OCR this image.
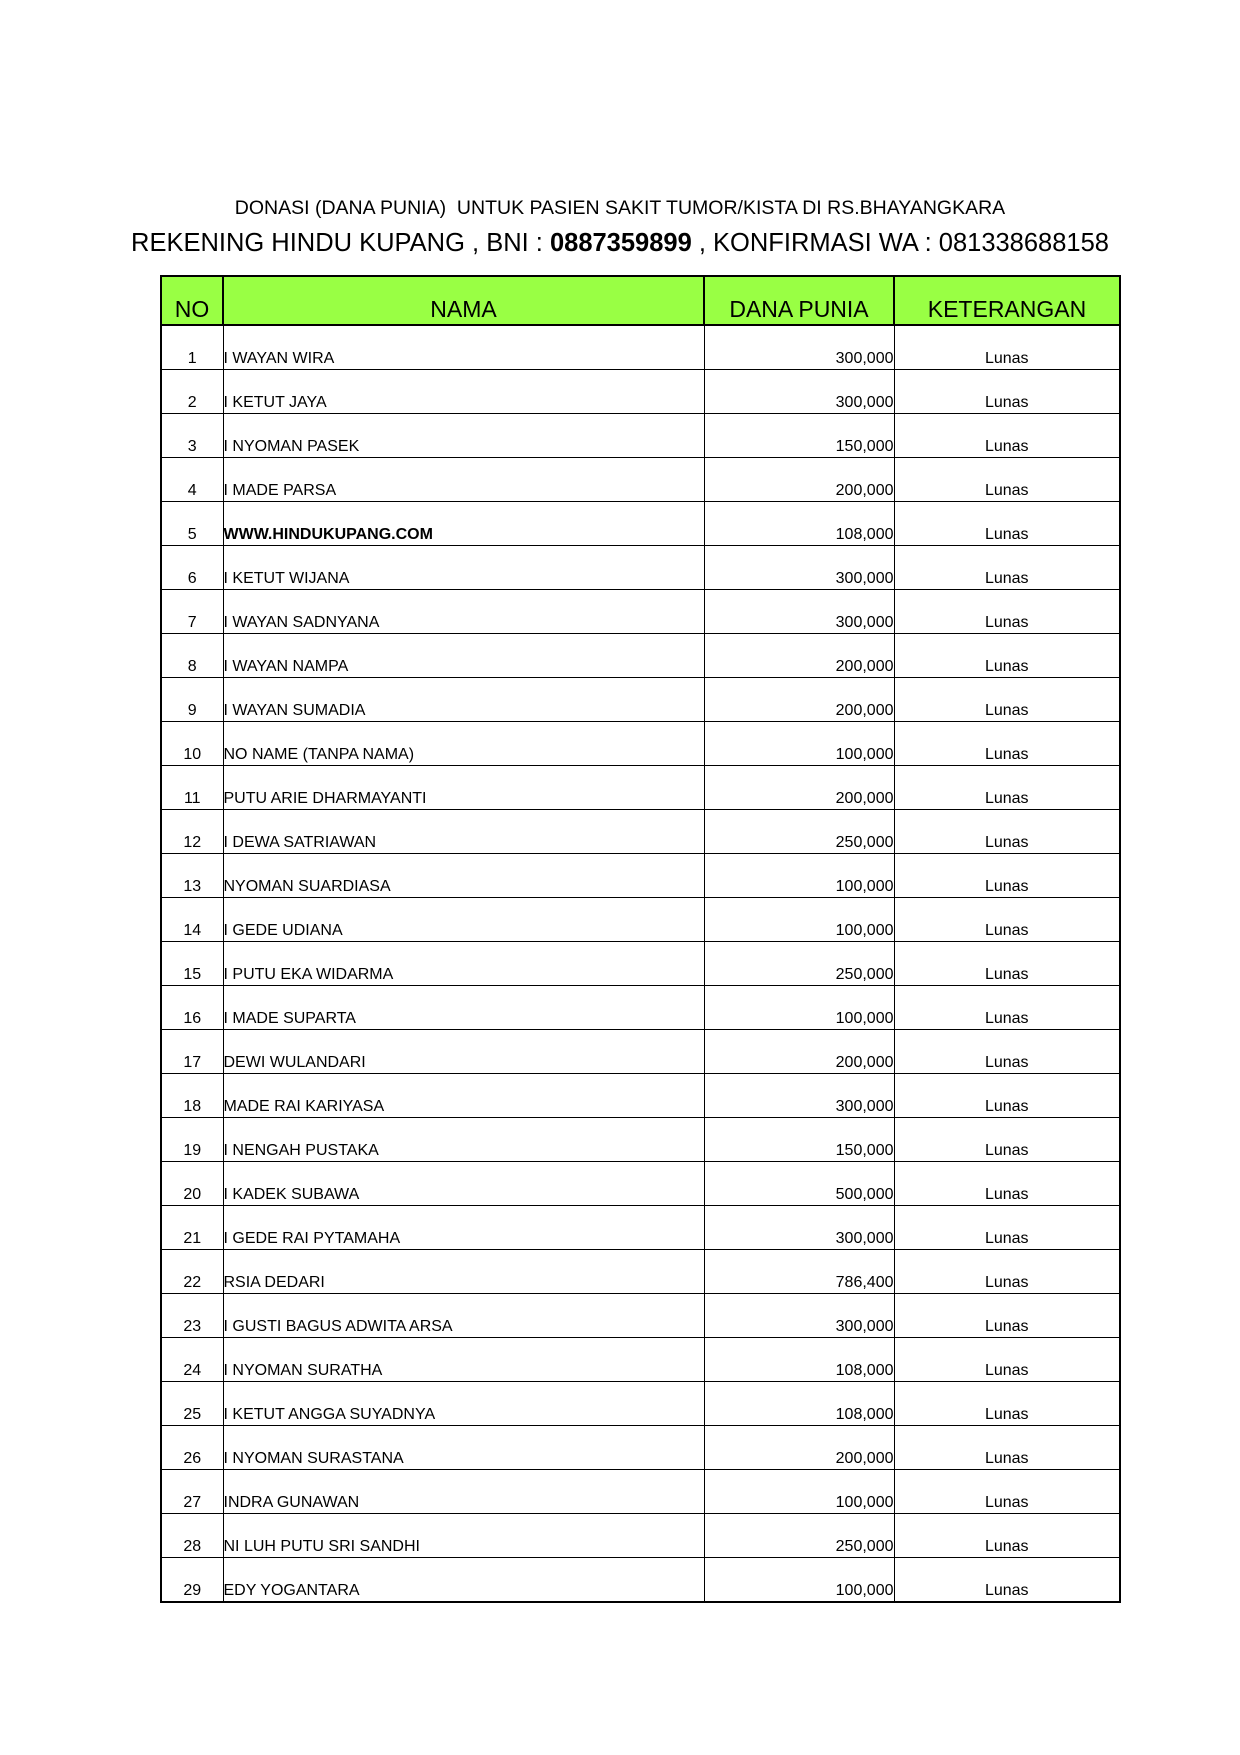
DONASI (DANA PUNIA)  UNTUK PASIEN SAKIT TUMOR/KISTA DI RS.BHAYANGKARA
REKENING HINDU KUPANG , BNI : 0887359899 , KONFIRMASI WA : 081338688158
NO	NAMA	DANA PUNIA	KETERANGAN
1	I WAYAN WIRA	300,000	Lunas
2	I KETUT JAYA	300,000	Lunas
3	I NYOMAN PASEK	150,000	Lunas
4	I MADE PARSA	200,000	Lunas
5	WWW.HINDUKUPANG.COM	108,000	Lunas
6	I KETUT WIJANA	300,000	Lunas
7	I WAYAN SADNYANA	300,000	Lunas
8	I WAYAN NAMPA	200,000	Lunas
9	I WAYAN SUMADIA	200,000	Lunas
10	NO NAME (TANPA NAMA)	100,000	Lunas
11	PUTU ARIE DHARMAYANTI	200,000	Lunas
12	I DEWA SATRIAWAN	250,000	Lunas
13	NYOMAN SUARDIASA	100,000	Lunas
14	I GEDE UDIANA	100,000	Lunas
15	I PUTU EKA WIDARMA	250,000	Lunas
16	I MADE SUPARTA	100,000	Lunas
17	DEWI WULANDARI	200,000	Lunas
18	MADE RAI KARIYASA	300,000	Lunas
19	I NENGAH PUSTAKA	150,000	Lunas
20	I KADEK SUBAWA	500,000	Lunas
21	I GEDE RAI PYTAMAHA	300,000	Lunas
22	RSIA DEDARI	786,400	Lunas
23	I GUSTI BAGUS ADWITA ARSA	300,000	Lunas
24	I NYOMAN SURATHA	108,000	Lunas
25	I KETUT ANGGA SUYADNYA	108,000	Lunas
26	I NYOMAN SURASTANA	200,000	Lunas
27	INDRA GUNAWAN	100,000	Lunas
28	NI LUH PUTU SRI SANDHI	250,000	Lunas
29	EDY YOGANTARA	100,000	Lunas
